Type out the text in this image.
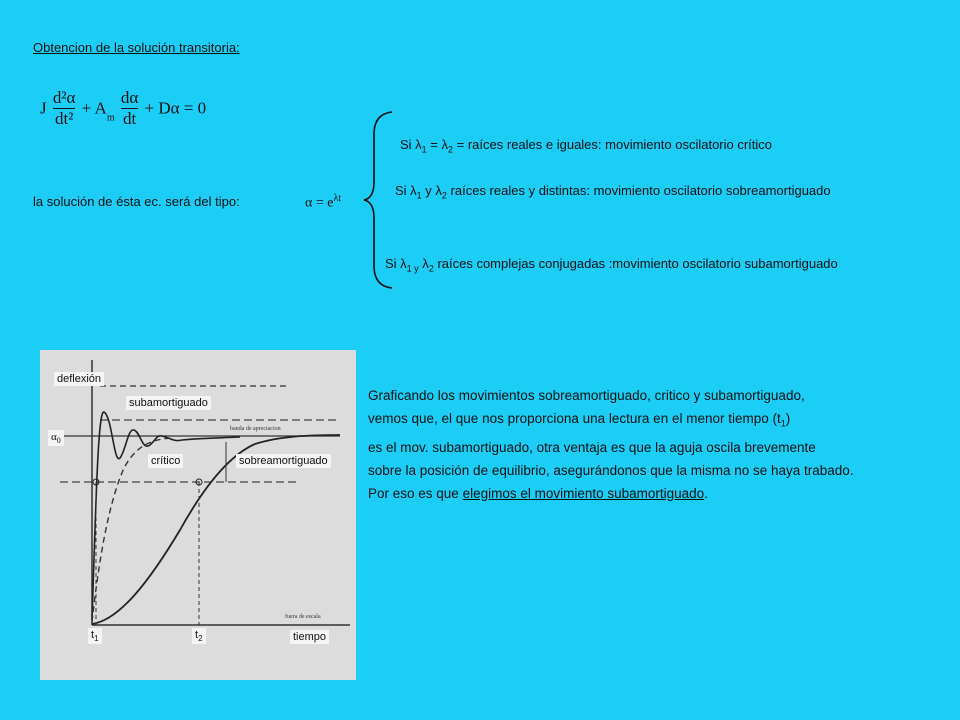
Obtencion de la solución transitoria:
J $\frac{\text{d²α}}{\text{dt²}} + A_m \frac{d\alpha}{dt} + D\alpha = 0$
la solución de ésta ec. será del tipo:	$\alpha = e^{\lambda t}$
Si $\lambda_1 = \lambda_2$ = raíces reales e iguales: movimiento oscilatorio crítico
Si $\lambda_1$ y $\lambda_2$ raíces reales y distintas: movimiento oscilatorio sobreamortiguado
Si $\lambda_{1 y}$ $\lambda_2$ raíces complejas conjugadas :movimiento oscilatorio subamortiguado
banda de apreciacion
fuera de escala
deflexión
subamortiguado
$\alpha_0$
crítico	sobreamortiguado
$t_1$	$t_2$	tiempo

Graficando los movimientos sobreamortiguado, critico y subamortiguado,

vemos que, el que nos proporciona una lectura en el menor tiempo $(t_1)$

es el mov. subamortiguado, otra ventaja es que la aguja oscila brevemente

sobre la posición de equilibrio, asegurándonos que la misma no se haya trabado.

Por eso es que elegimos el movimiento subamortiguado.
